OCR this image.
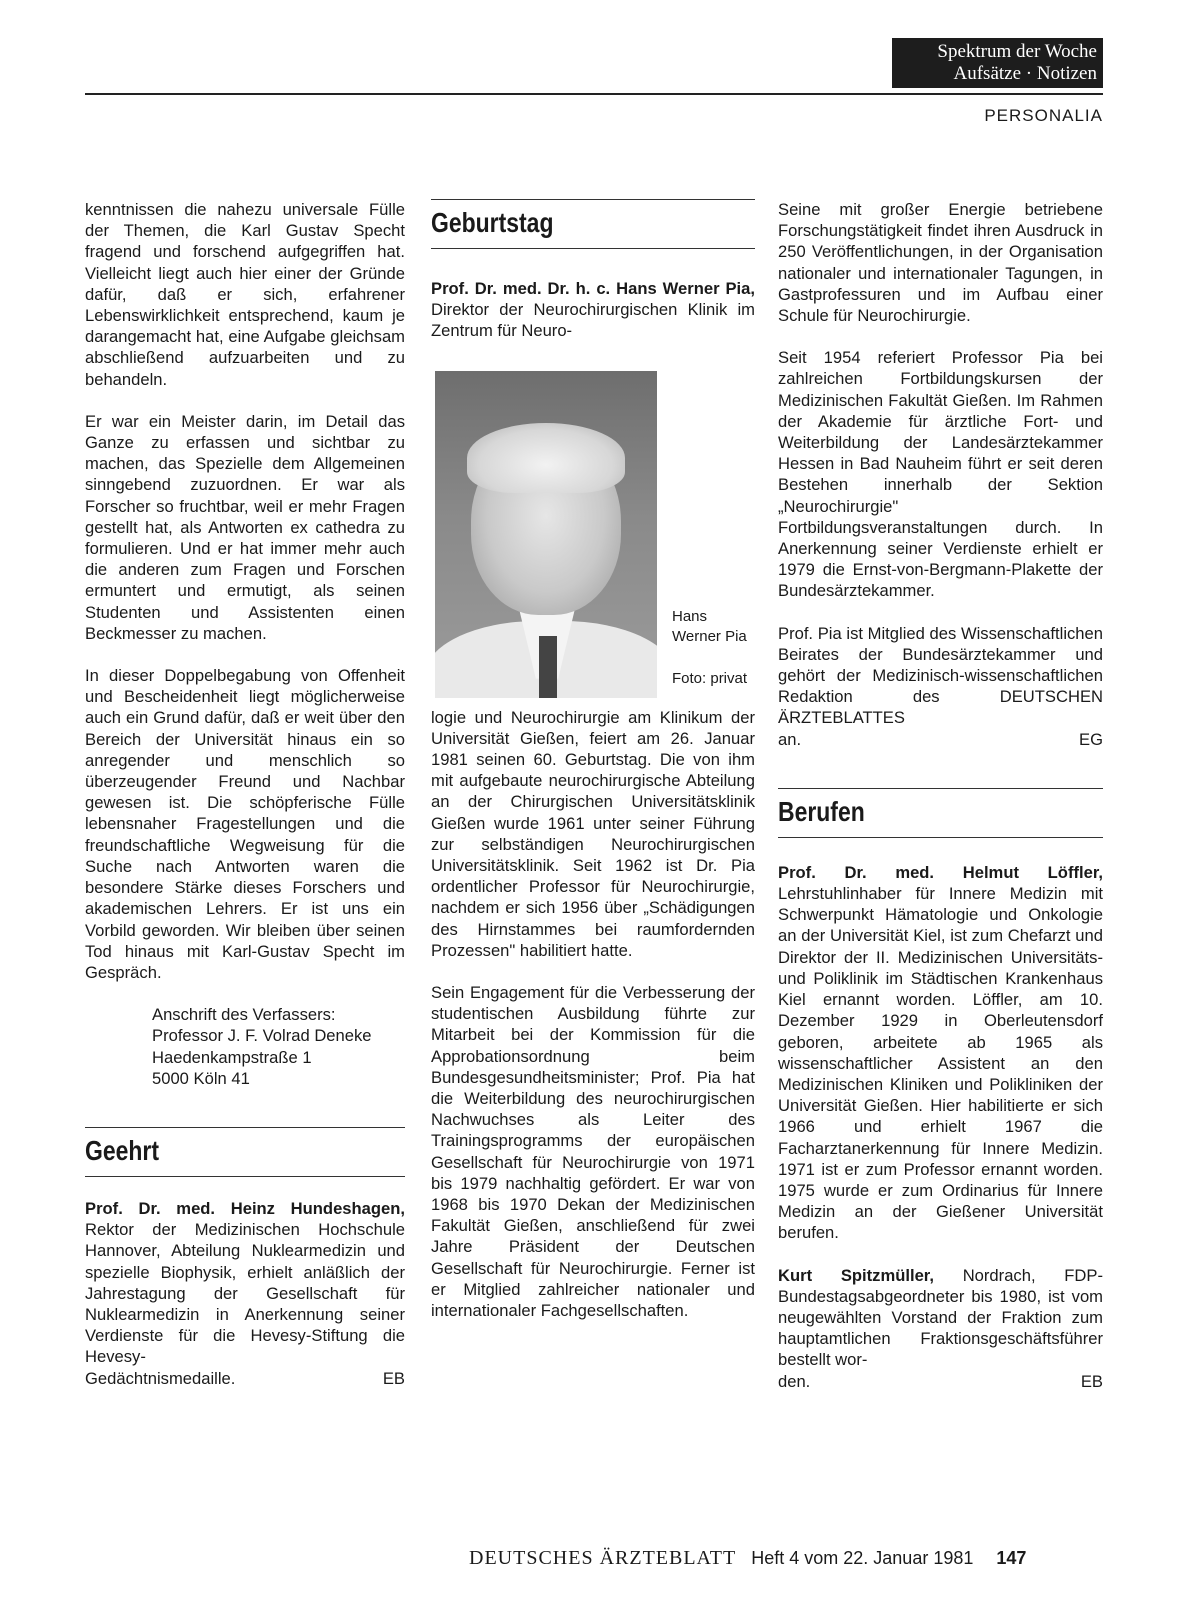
Spektrum der Woche
Aufsätze · Notizen
PERSONALIA

kenntnissen die nahezu universale Fülle der Themen, die Karl Gustav Specht fragend und forschend aufgegriffen hat. Vielleicht liegt auch hier einer der Gründe dafür, daß er sich, erfahrener Lebenswirklichkeit entsprechend, kaum je darangemacht hat, eine Aufgabe gleichsam abschließend aufzuarbeiten und zu behandeln.

Er war ein Meister darin, im Detail das Ganze zu erfassen und sichtbar zu machen, das Spezielle dem Allgemeinen sinngebend zuzuordnen. Er war als Forscher so fruchtbar, weil er mehr Fragen gestellt hat, als Antworten ex cathedra zu formulieren. Und er hat immer mehr auch die anderen zum Fragen und Forschen ermuntert und ermutigt, als seinen Studenten und Assistenten einen Beckmesser zu machen.

In dieser Doppelbegabung von Offenheit und Bescheidenheit liegt möglicherweise auch ein Grund dafür, daß er weit über den Bereich der Universität hinaus ein so anregender und menschlich so überzeugender Freund und Nachbar gewesen ist. Die schöpferische Fülle lebensnaher Fragestellungen und die freundschaftliche Wegweisung für die Suche nach Antworten waren die besondere Stärke dieses Forschers und akademischen Lehrers. Er ist uns ein Vorbild geworden. Wir bleiben über seinen Tod hinaus mit Karl-Gustav Specht im Gespräch.

Anschrift des Verfassers:
Professor J. F. Volrad Deneke
Haedenkampstraße 1
5000 Köln 41
Geehrt

Prof. Dr. med. Heinz Hundeshagen, Rektor der Medizinischen Hochschule Hannover, Abteilung Nuklearmedizin und spezielle Biophysik, erhielt anläßlich der Jahrestagung der Gesellschaft für Nuklearmedizin in Anerkennung seiner Verdienste für die Hevesy-Stiftung die Hevesy-

Gedächtnismedaille.	EB
Geburtstag

Prof. Dr. med. Dr. h. c. Hans Werner Pia, Direktor der Neurochirurgischen Klinik im Zentrum für Neuro-

Hans
Werner Pia
Foto: privat

logie und Neurochirurgie am Klinikum der Universität Gießen, feiert am 26. Januar 1981 seinen 60. Geburtstag. Die von ihm mit aufgebaute neurochirurgische Abteilung an der Chirurgischen Universitätsklinik Gießen wurde 1961 unter seiner Führung zur selbständigen Neurochirurgischen Universitätsklinik. Seit 1962 ist Dr. Pia ordentlicher Professor für Neurochirurgie, nachdem er sich 1956 über „Schädigungen des Hirnstammes bei raumfordernden Prozessen" habilitiert hatte.

Sein Engagement für die Verbesserung der studentischen Ausbildung führte zur Mitarbeit bei der Kommission für die Approbationsordnung beim Bundesgesundheitsminister; Prof. Pia hat die Weiterbildung des neurochirurgischen Nachwuchses als Leiter des Trainingsprogramms der europäischen Gesellschaft für Neurochirurgie von 1971 bis 1979 nachhaltig gefördert. Er war von 1968 bis 1970 Dekan der Medizinischen Fakultät Gießen, anschließend für zwei Jahre Präsident der Deutschen Gesellschaft für Neurochirurgie. Ferner ist er Mitglied zahlreicher nationaler und internationaler Fachgesellschaften.

Seine mit großer Energie betriebene Forschungstätigkeit findet ihren Ausdruck in 250 Veröffentlichungen, in der Organisation nationaler und internationaler Tagungen, in Gastprofessuren und im Aufbau einer Schule für Neurochirurgie.

Seit 1954 referiert Professor Pia bei zahlreichen Fortbildungskursen der Medizinischen Fakultät Gießen. Im Rahmen der Akademie für ärztliche Fort- und Weiterbildung der Landesärztekammer Hessen in Bad Nauheim führt er seit deren Bestehen innerhalb der Sektion „Neurochirurgie" Fortbildungsveranstaltungen durch. In Anerkennung seiner Verdienste erhielt er 1979 die Ernst-von-Bergmann-Plakette der Bundesärztekammer.

Prof. Pia ist Mitglied des Wissenschaftlichen Beirates der Bundesärztekammer und gehört der Medizinisch-wissenschaftlichen Redaktion des DEUTSCHEN ÄRZTEBLATTES

an.	EG
Berufen

Prof. Dr. med. Helmut Löffler, Lehrstuhlinhaber für Innere Medizin mit Schwerpunkt Hämatologie und Onkologie an der Universität Kiel, ist zum Chefarzt und Direktor der II. Medizinischen Universitäts- und Poliklinik im Städtischen Krankenhaus Kiel ernannt worden. Löffler, am 10. Dezember 1929 in Oberleutensdorf geboren, arbeitete ab 1965 als wissenschaftlicher Assistent an den Medizinischen Kliniken und Polikliniken der Universität Gießen. Hier habilitierte er sich 1966 und erhielt 1967 die Facharztanerkennung für Innere Medizin. 1971 ist er zum Professor ernannt worden. 1975 wurde er zum Ordinarius für Innere Medizin an der Gießener Universität berufen.

Kurt Spitzmüller, Nordrach, FDP-Bundestagsabgeordneter bis 1980, ist vom neugewählten Vorstand der Fraktion zum hauptamtlichen Fraktionsgeschäftsführer bestellt wor-

den.	EB
DEUTSCHES ÄRZTEBLATT Heft 4 vom 22. Januar 1981 147
